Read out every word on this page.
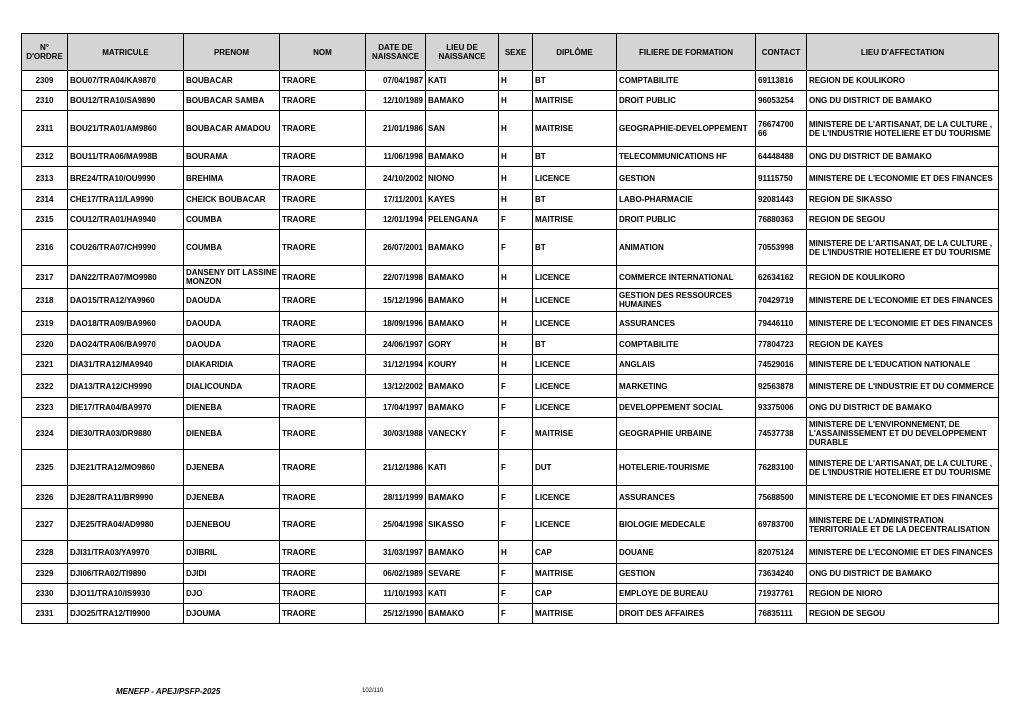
N° D'ORDRE	MATRICULE	PRENOM	NOM	DATE DE NAISSANCE	LIEU DE NAISSANCE	SEXE	DIPLÔME	FILIERE DE FORMATION	CONTACT	LIEU D'AFFECTATION
2309	BOU07/TRA04/KA9870	BOUBACAR	TRAORE	07/04/1987	KATI	H	BT	COMPTABILITE	69113816	REGION DE KOULIKORO
2310	BOU12/TRA10/SA9890	BOUBACAR SAMBA	TRAORE	12/10/1989	BAMAKO	H	MAITRISE	DROIT PUBLIC	96053254	ONG DU DISTRICT DE BAMAKO
2311	BOU21/TRA01/AM9860	BOUBACAR AMADOU	TRAORE	21/01/1986	SAN	H	MAITRISE	GEOGRAPHIE-DEVELOPPEMENT	76674700 66	MINISTERE DE L'ARTISANAT, DE LA CULTURE , DE L'INDUSTRIE HOTELIERE ET DU TOURISME
2312	BOU11/TRA06/MA998B	BOURAMA	TRAORE	11/06/1998	BAMAKO	H	BT	TELECOMMUNICATIONS HF	64448488	ONG DU DISTRICT DE BAMAKO
2313	BRE24/TRA10/OU9990	BREHIMA	TRAORE	24/10/2002	NIONO	H	LICENCE	GESTION	91115750	MINISTERE DE L'ECONOMIE ET DES FINANCES
2314	CHE17/TRA11/LA9990	CHEICK BOUBACAR	TRAORE	17/11/2001	KAYES	H	BT	LABO-PHARMACIE	92081443	REGION DE SIKASSO
2315	COU12/TRA01/HA9940	COUMBA	TRAORE	12/01/1994	PELENGANA	F	MAITRISE	DROIT PUBLIC	76880363	REGION DE SEGOU
2316	COU26/TRA07/CH9990	COUMBA	TRAORE	26/07/2001	BAMAKO	F	BT	ANIMATION	70553998	MINISTERE DE L'ARTISANAT, DE LA CULTURE , DE L'INDUSTRIE HOTELIERE ET DU TOURISME
2317	DAN22/TRA07/MO9980	DANSENY DIT LASSINE MONZON	TRAORE	22/07/1998	BAMAKO	H	LICENCE	COMMERCE INTERNATIONAL	62634162	REGION DE KOULIKORO
2318	DAO15/TRA12/YA9960	DAOUDA	TRAORE	15/12/1996	BAMAKO	H	LICENCE	GESTION DES RESSOURCES HUMAINES	70429719	MINISTERE DE L'ECONOMIE ET DES FINANCES
2319	DAO18/TRA09/BA9960	DAOUDA	TRAORE	18/09/1996	BAMAKO	H	LICENCE	ASSURANCES	79446110	MINISTERE DE L'ECONOMIE ET DES FINANCES
2320	DAO24/TRA06/BA9970	DAOUDA	TRAORE	24/06/1997	GORY	H	BT	COMPTABILITE	77804723	REGION DE KAYES
2321	DIA31/TRA12/MA9940	DIAKARIDIA	TRAORE	31/12/1994	KOURY	H	LICENCE	ANGLAIS	74529016	MINISTERE DE L'EDUCATION NATIONALE
2322	DIA13/TRA12/CH9990	DIALICOUNDA	TRAORE	13/12/2002	BAMAKO	F	LICENCE	MARKETING	92563878	MINISTERE DE L'INDUSTRIE ET DU COMMERCE
2323	DIE17/TRA04/BA9970	DIENEBA	TRAORE	17/04/1997	BAMAKO	F	LICENCE	DEVELOPPEMENT SOCIAL	93375006	ONG DU DISTRICT DE BAMAKO
2324	DIE30/TRA03/DR9880	DIENEBA	TRAORE	30/03/1988	VANECKY	F	MAITRISE	GEOGRAPHIE URBAINE	74537738	MINISTERE DE L'ENVIRONNEMENT, DE L'ASSAINISSEMENT ET DU DEVELOPPEMENT DURABLE
2325	DJE21/TRA12/MO9860	DJENEBA	TRAORE	21/12/1986	KATI	F	DUT	HOTELERIE-TOURISME	76283100	MINISTERE DE L'ARTISANAT, DE LA CULTURE , DE L'INDUSTRIE HOTELIERE ET DU TOURISME
2326	DJE28/TRA11/BR9990	DJENEBA	TRAORE	28/11/1999	BAMAKO	F	LICENCE	ASSURANCES	75688500	MINISTERE DE L'ECONOMIE ET DES FINANCES
2327	DJE25/TRA04/AD9980	DJENEBOU	TRAORE	25/04/1998	SIKASSO	F	LICENCE	BIOLOGIE MEDECALE	69783700	MINISTERE DE L'ADMINISTRATION TERRITORIALE ET DE LA DECENTRALISATION
2328	DJI31/TRA03/YA9970	DJIBRIL	TRAORE	31/03/1997	BAMAKO	H	CAP	DOUANE	82075124	MINISTERE DE L'ECONOMIE ET DES FINANCES
2329	DJI06/TRA02/TI9890	DJIDI	TRAORE	06/02/1989	SEVARE	F	MAITRISE	GESTION	73634240	ONG DU DISTRICT DE BAMAKO
2330	DJO11/TRA10/IS9930	DJO	TRAORE	11/10/1993	KATI	F	CAP	EMPLOYE DE BUREAU	71937761	REGION DE NIORO
2331	DJO25/TRA12/TI9900	DJOUMA	TRAORE	25/12/1990	BAMAKO	F	MAITRISE	DROIT DES AFFAIRES	76835111	REGION DE SEGOU
MENEFP - APEJ/PSFP-2025	102/110
